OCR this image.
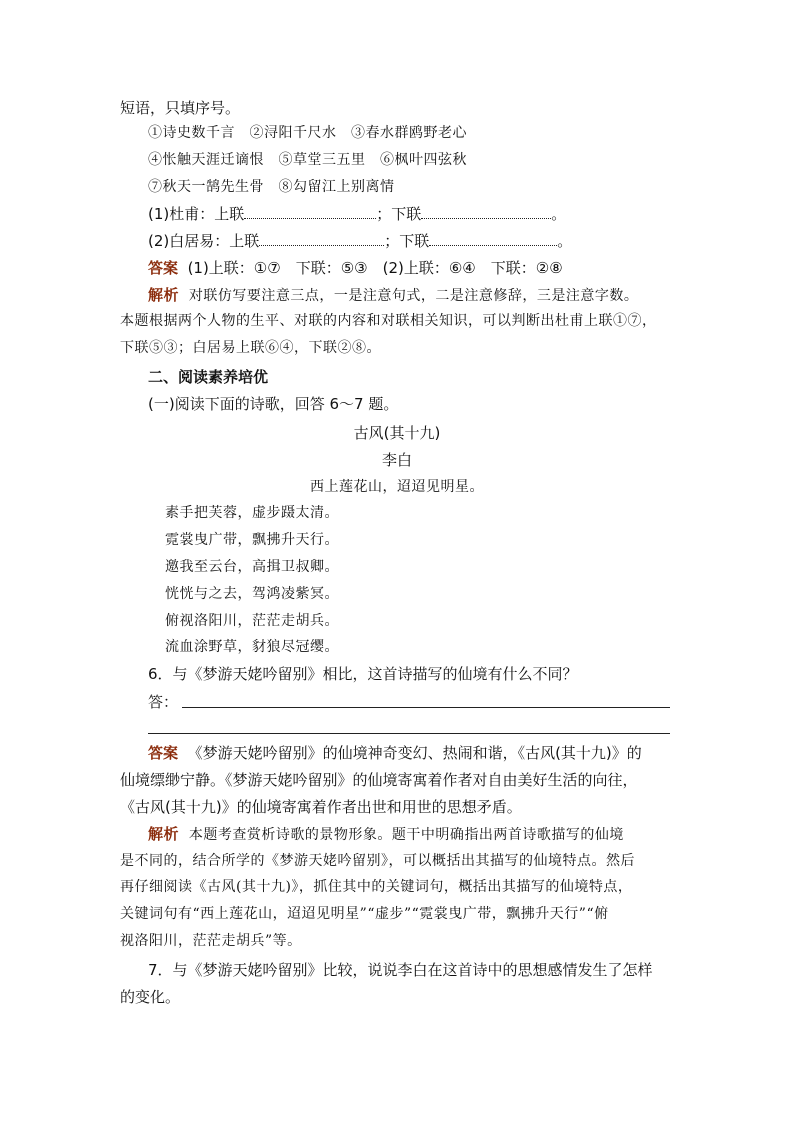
短语，只填序号。
①诗史数千言　②浔阳千尺水　③春水群鸥野老心
④怅触天涯迁谪恨　⑤草堂三五里　⑥枫叶四弦秋
⑦秋天一鹄先生骨　⑧勾留江上别离情
(1)杜甫：上联	；下联	。
(2)白居易：上联	；下联	。
答案 (1)上联：①⑦　下联：⑤③　(2)上联：⑥④　下联：②⑧
解析 对联仿写要注意三点，一是注意句式，二是注意修辞，三是注意字数。
本题根据两个人物的生平、对联的内容和对联相关知识，可以判断出杜甫上联①⑦，
下联⑤③；白居易上联⑥④，下联②⑧。
二、阅读素养培优
(一)阅读下面的诗歌，回答 6～7 题。
古风(其十九)
李白
西上莲花山，迢迢见明星。
素手把芙蓉，虚步蹑太清。
霓裳曳广带，飘拂升天行。
邀我至云台，高揖卫叔卿。
恍恍与之去，驾鸿凌紫冥。
俯视洛阳川，茫茫走胡兵。
流血涂野草，豺狼尽冠缨。
6．与《梦游天姥吟留别》相比，这首诗描写的仙境有什么不同？
答：
答案 《梦游天姥吟留别》的仙境神奇变幻、热闹和谐，《古风(其十九)》的
仙境缥缈宁静。《梦游天姥吟留别》的仙境寄寓着作者对自由美好生活的向往，
《古风(其十九)》的仙境寄寓着作者出世和用世的思想矛盾。
解析 本题考查赏析诗歌的景物形象。题干中明确指出两首诗歌描写的仙境
是不同的，结合所学的《梦游天姥吟留别》，可以概括出其描写的仙境特点。然后
再仔细阅读《古风(其十九)》，抓住其中的关键词句，概括出其描写的仙境特点，
关键词句有“西上莲花山，迢迢见明星”“虚步”“霓裳曳广带，飘拂升天行”“俯
视洛阳川，茫茫走胡兵”等。
7．与《梦游天姥吟留别》比较，说说李白在这首诗中的思想感情发生了怎样
的变化。
